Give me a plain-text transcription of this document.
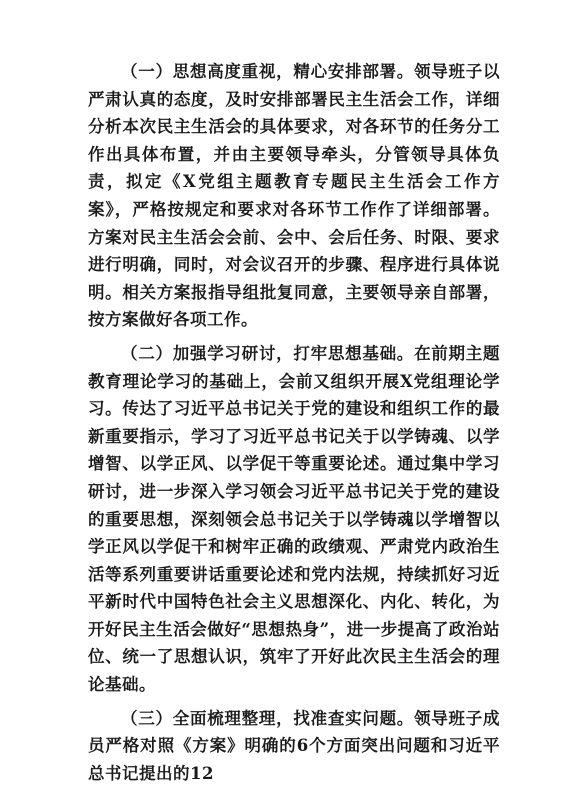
（一）思想高度重视，精心安排部署。领导班子以严肃认真的态度，及时安排部署民主生活会工作，详细分析本次民主生活会的具体要求，对各环节的任务分工作出具体布置，并由主要领导牵头，分管领导具体负责，拟定《X党组主题教育专题民主生活会工作方案》，严格按规定和要求对各环节工作作了详细部署。方案对民主生活会会前、会中、会后任务、时限、要求进行明确，同时，对会议召开的步骤、程序进行具体说明。相关方案报指导组批复同意，主要领导亲自部署，按方案做好各项工作。

（二）加强学习研讨，打牢思想基础。在前期主题教育理论学习的基础上，会前又组织开展X党组理论学习。传达了习近平总书记关于党的建设和组织工作的最新重要指示，学习了习近平总书记关于以学铸魂、以学增智、以学正风、以学促干等重要论述。通过集中学习研讨，进一步深入学习领会习近平总书记关于党的建设的重要思想，深刻领会总书记关于以学铸魂以学增智以学正风以学促干和树牢正确的政绩观、严肃党内政治生活等系列重要讲话重要论述和党内法规，持续抓好习近平新时代中国特色社会主义思想深化、内化、转化，为开好民主生活会做好“思想热身”，进一步提高了政治站位、统一了思想认识，筑牢了开好此次民主生活会的理论基础。

（三）全面梳理整理，找准查实问题。领导班子成员严格对照《方案》明确的6个方面突出问题和习近平总书记提出的12
